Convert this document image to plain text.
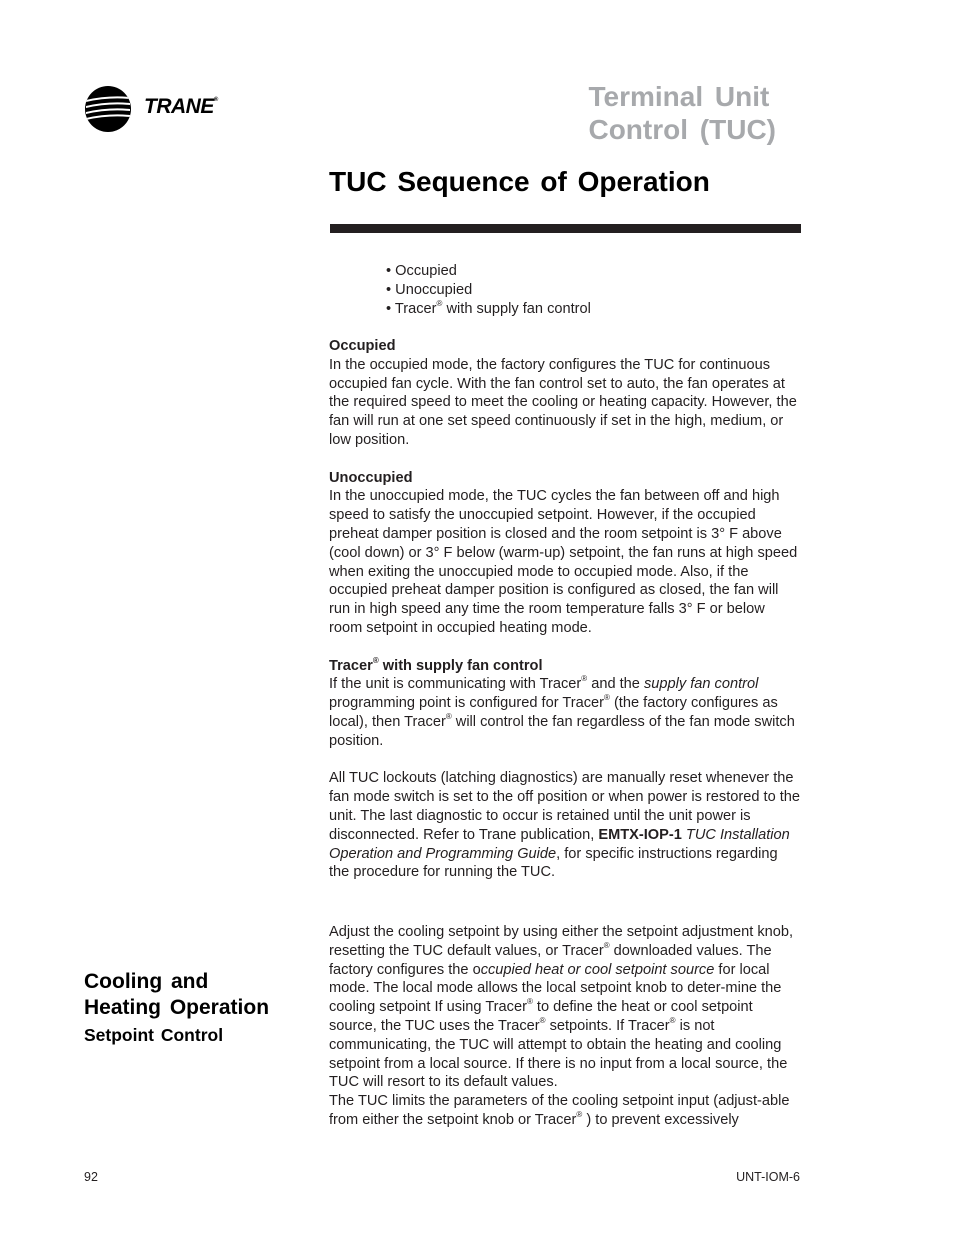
TRANE®	Terminal Unit
Control (TUC)
TUC Sequence of Operation
• Occupied
• Unoccupied
• Tracer® with supply fan control
Occupied

In the occupied mode, the factory configures the TUC for continuous occupied fan cycle. With the fan control set to auto, the fan operates at the required speed to meet the cooling or heating capacity. However, the fan will run at one set speed continuously if set in the high, medium, or low position.

Unoccupied

In the unoccupied mode, the TUC cycles the fan between off and high speed to satisfy the unoccupied setpoint. However, if the occupied preheat damper position is closed and the room setpoint is 3° F above (cool down) or 3° F below (warm-up) setpoint, the fan runs at high speed when exiting the unoccupied mode to occupied mode. Also, if the occupied preheat damper position is configured as closed, the fan will run in high speed any time the room temperature falls 3° F or below room setpoint in occupied heating mode.

Tracer® with supply fan control

If the unit is communicating with Tracer® and the supply fan control programming point is configured for Tracer® (the factory configures as local), then Tracer® will control the fan regardless of the fan mode switch position.

All TUC lockouts (latching diagnostics) are manually reset whenever the fan mode switch is set to the off position or when power is restored to the unit. The last diagnostic to occur is retained until the unit power is disconnected. Refer to Trane publication, EMTX-IOP-1 TUC Installation Operation and Programming Guide, for specific instructions regarding the procedure for running the TUC.

Cooling and
Heating Operation
Setpoint Control

Adjust the cooling setpoint by using either the setpoint adjustment knob, resetting the TUC default values, or Tracer® downloaded values. The factory configures the occupied heat or cool setpoint source for local mode. The local mode allows the local setpoint knob to deter-mine the cooling setpoint If using Tracer® to define the heat or cool setpoint source, the TUC uses the Tracer® setpoints. If Tracer® is not communicating, the TUC will attempt to obtain the heating and cooling setpoint from a local source. If there is no input from a local source, the TUC will resort to its default values.

The TUC limits the parameters of the cooling setpoint input (adjust-able from either the setpoint knob or Tracer® ) to prevent excessively

92	UNT-IOM-6
